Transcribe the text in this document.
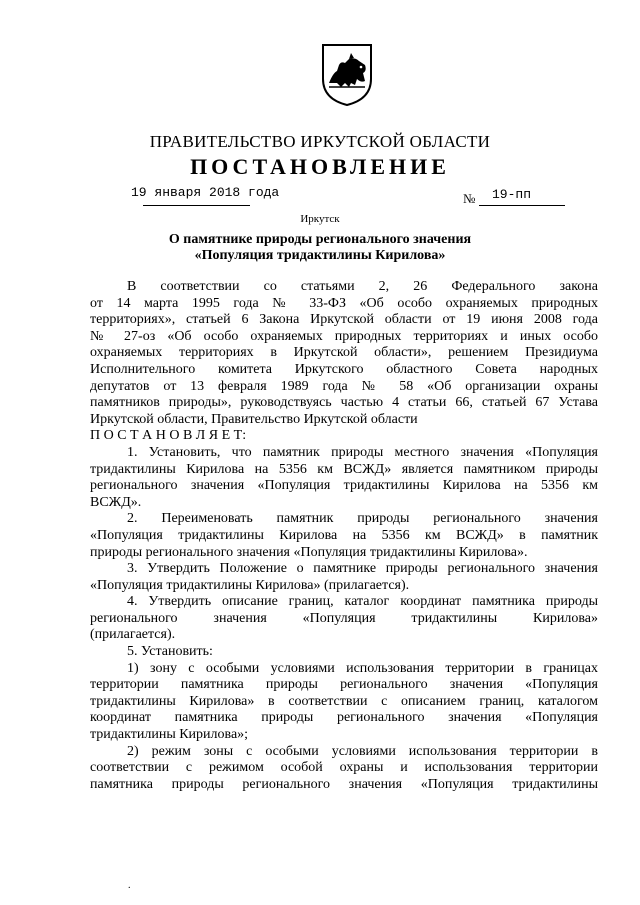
ПРАВИТЕЛЬСТВО ИРКУТСКОЙ ОБЛАСТИ
ПОСТАНОВЛЕНИЕ
19 января 2018 года	№ 19-пп
Иркутск
О памятнике природы регионального значения
«Популяция тридактилины Кирилова»

В соответствии со статьями 2, 26 Федерального закона

от 14 марта 1995 года № 33-ФЗ «Об особо охраняемых природных

территориях», статьей 6 Закона Иркутской области от 19 июня 2008 года

№ 27-оз «Об особо охраняемых природных территориях и иных особо

охраняемых территориях в Иркутской области», решением Президиума

Исполнительного комитета Иркутского областного Совета народных

депутатов от 13 февраля 1989 года № 58 «Об организации охраны

памятников природы», руководствуясь частью 4 статьи 66, статьей 67 Устава

Иркутской области, Правительство Иркутской области

П О С Т А Н О В Л Я Е Т:

1. Установить, что памятник природы местного значения «Популяция

тридактилины Кирилова на 5356 км ВСЖД» является памятником природы

регионального значения «Популяция тридактилины Кирилова на 5356 км

ВСЖД».

2. Переименовать памятник природы регионального значения

«Популяция тридактилины Кирилова на 5356 км ВСЖД» в памятник

природы регионального значения «Популяция тридактилины Кирилова».

3. Утвердить Положение о памятнике природы регионального значения

«Популяция тридактилины Кирилова» (прилагается).

4. Утвердить описание границ, каталог координат памятника природы

регионального значения «Популяция тридактилины Кирилова»

(прилагается).

5. Установить:

1) зону с особыми условиями использования территории в границах

территории памятника природы регионального значения «Популяция

тридактилины Кирилова» в соответствии с описанием границ, каталогом

координат памятника природы регионального значения «Популяция

тридактилины Кирилова»;

2) режим зоны с особыми условиями использования территории в

соответствии с режимом особой охраны и использования территории

памятника природы регионального значения «Популяция тридактилины

.
